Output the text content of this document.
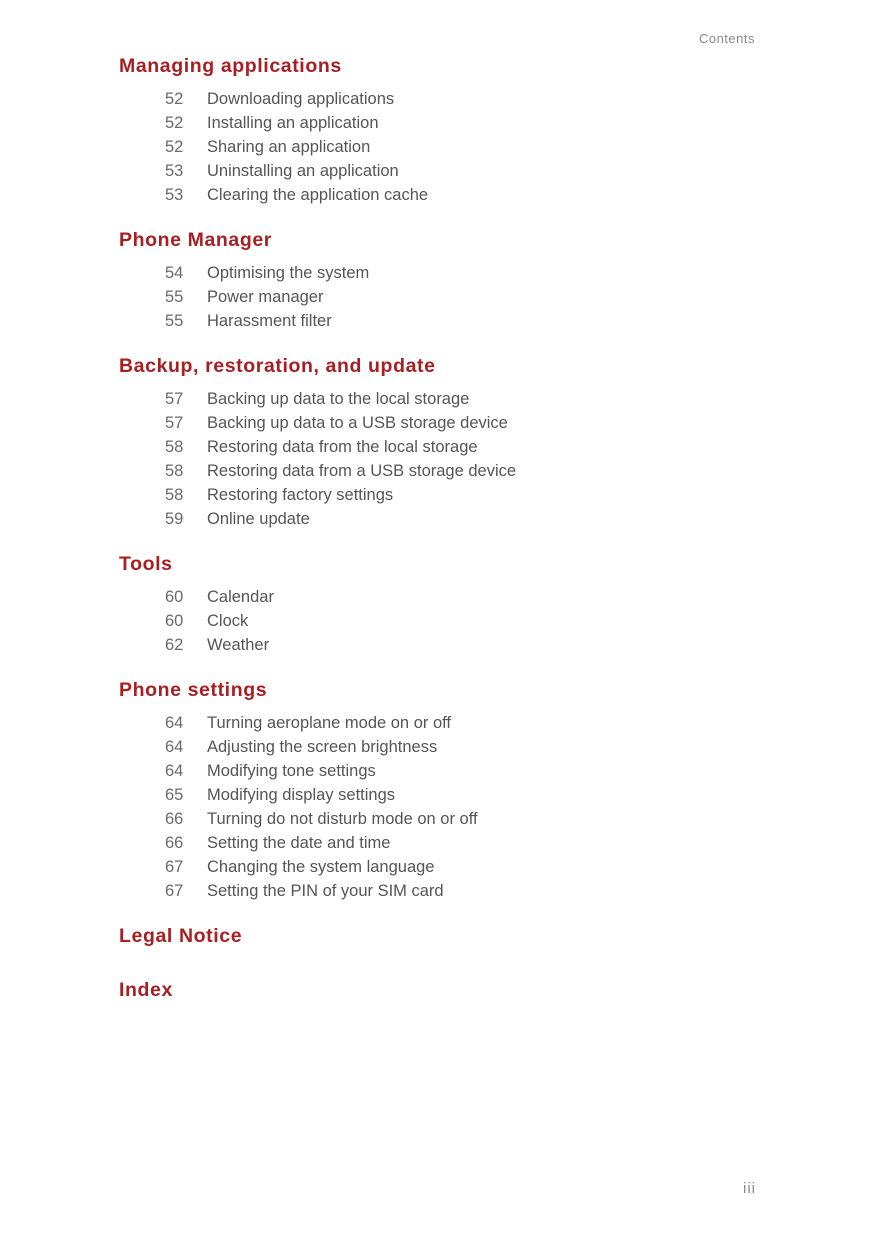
Contents
Managing applications
52	Downloading applications
52	Installing an application
52	Sharing an application
53	Uninstalling an application
53	Clearing the application cache
Phone Manager
54	Optimising the system
55	Power manager
55	Harassment filter
Backup, restoration, and update
57	Backing up data to the local storage
57	Backing up data to a USB storage device
58	Restoring data from the local storage
58	Restoring data from a USB storage device
58	Restoring factory settings
59	Online update
Tools
60	Calendar
60	Clock
62	Weather
Phone settings
64	Turning aeroplane mode on or off
64	Adjusting the screen brightness
64	Modifying tone settings
65	Modifying display settings
66	Turning do not disturb mode on or off
66	Setting the date and time
67	Changing the system language
67	Setting the PIN of your SIM card
Legal Notice
Index
iii
